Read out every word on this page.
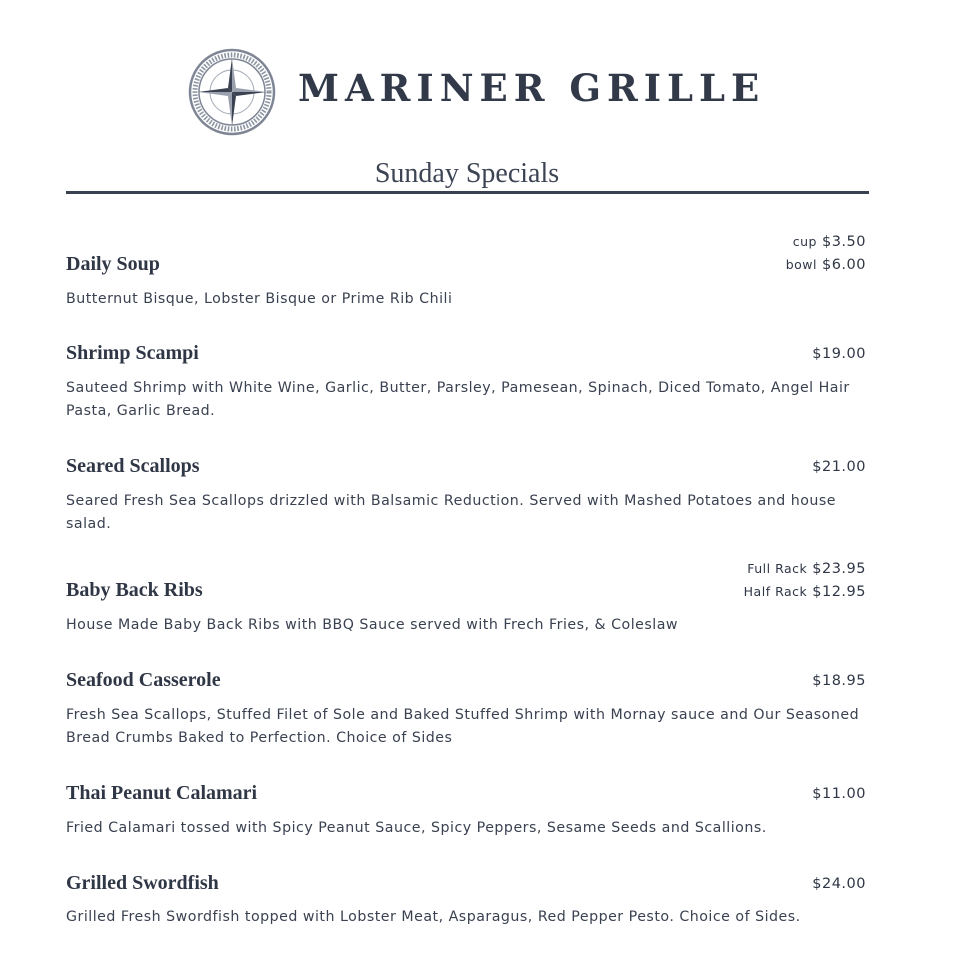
MARINER GRILLE
Sunday Specials
Daily Soup
cup $3.50
bowl $6.00
Butternut Bisque, Lobster Bisque or Prime Rib Chili
Shrimp Scampi	$19.00
Sauteed Shrimp with White Wine, Garlic, Butter, Parsley, Pamesean, Spinach, Diced Tomato, Angel Hair Pasta, Garlic Bread.
Seared Scallops	$21.00
Seared Fresh Sea Scallops drizzled with Balsamic Reduction. Served with Mashed Potatoes and house salad.
Baby Back Ribs
Full Rack $23.95
Half Rack $12.95
House Made Baby Back Ribs with BBQ Sauce served with Frech Fries, & Coleslaw
Seafood Casserole	$18.95
Fresh Sea Scallops, Stuffed Filet of Sole and Baked Stuffed Shrimp with Mornay sauce and Our Seasoned Bread Crumbs Baked to Perfection. Choice of Sides
Thai Peanut Calamari	$11.00
Fried Calamari tossed with Spicy Peanut Sauce, Spicy Peppers, Sesame Seeds and Scallions.
Grilled Swordfish	$24.00
Grilled Fresh Swordfish topped with Lobster Meat, Asparagus, Red Pepper Pesto. Choice of Sides.
